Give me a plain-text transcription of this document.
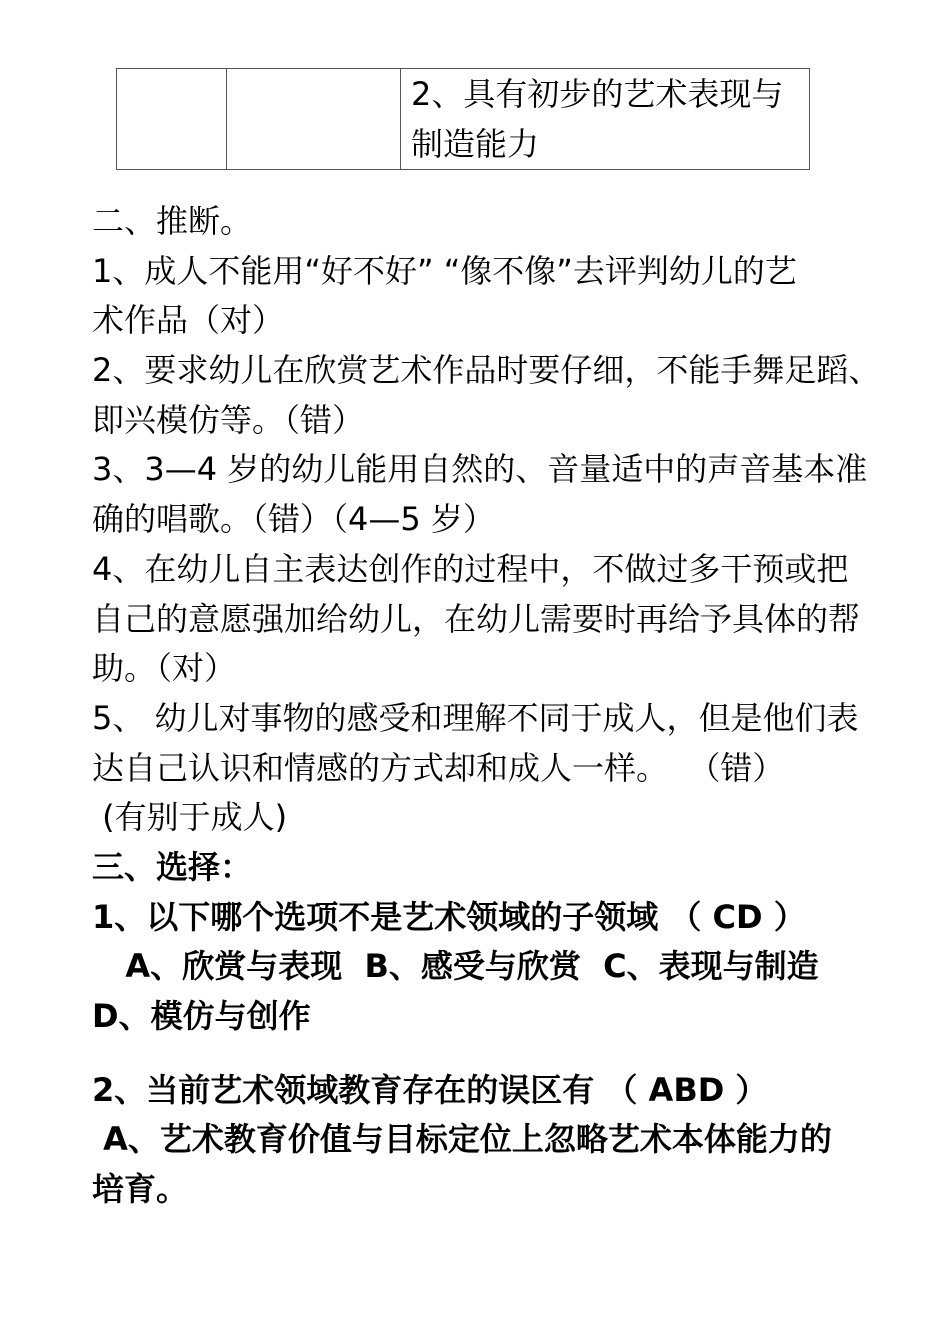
2、具有初步的艺术表现与
制造能力
二、推断。
1、成人不能用“好不好” “像不像”去评判幼儿的艺
术作品（对）
2、要求幼儿在欣赏艺术作品时要仔细，不能手舞足蹈、
即兴模仿等。（错）
3、3—4 岁的幼儿能用自然的、音量适中的声音基本准
确的唱歌。（错）（4—5 岁）
4、在幼儿自主表达创作的过程中，不做过多干预或把
自己的意愿强加给幼儿，在幼儿需要时再给予具体的帮
助。（对）
5、 幼儿对事物的感受和理解不同于成人，但是他们表
达自己认识和情感的方式却和成人一样。  （错）
(有别于成人)
三、选择：
1、以下哪个选项不是艺术领域的子领域 （ CD ）
A、欣赏与表现  B、感受与欣赏  C、表现与制造
D、模仿与创作
2、当前艺术领域教育存在的误区有 （ ABD ）
A、艺术教育价值与目标定位上忽略艺术本体能力的
培育。
